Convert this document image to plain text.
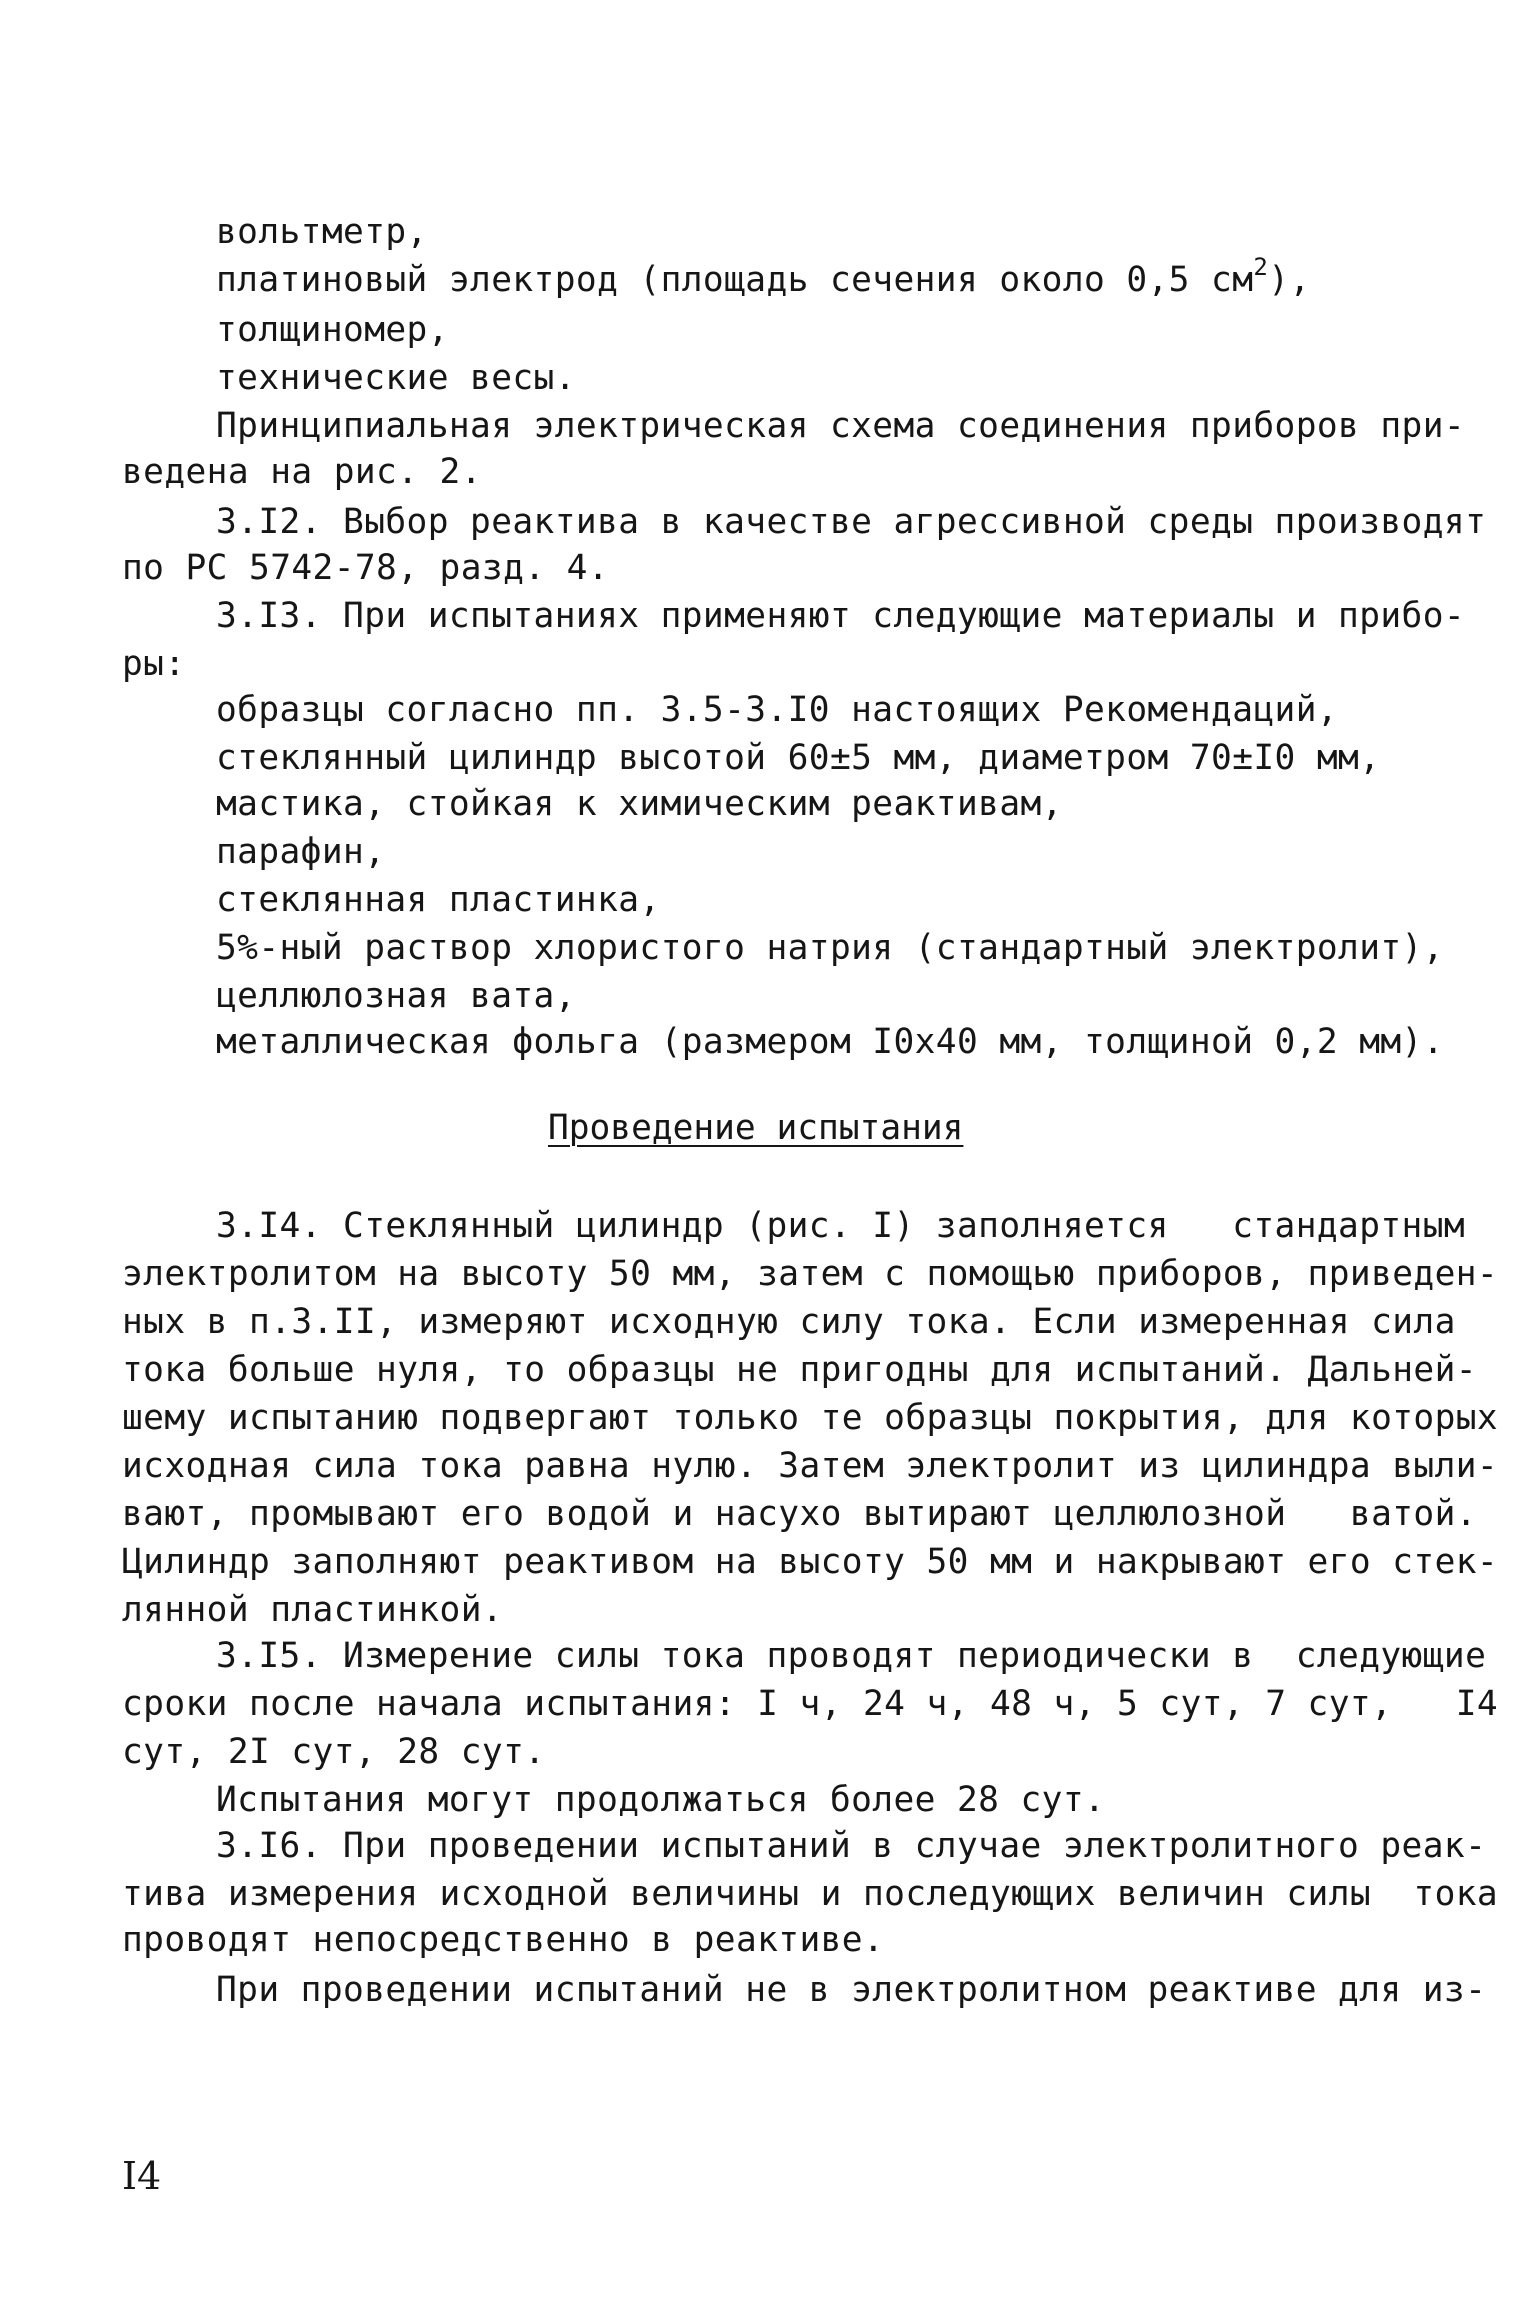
вольтметр,
платиновый электрод (площадь сечения около 0,5 $см^2$),
толщиномер,
технические весы.
Принципиальная электрическая схема соединения приборов при-
ведена на рис. 2.
3.I2. Выбор реактива в качестве агрессивной среды производят
по РС 5742-78, разд. 4.
3.I3. При испытаниях применяют следующие материалы и прибо-
ры:
образцы согласно пп. 3.5-3.I0 настоящих Рекомендаций,
стеклянный цилиндр высотой 60±5 мм, диаметром 70±I0 мм,
мастика, стойкая к химическим реактивам,
парафин,
стеклянная пластинка,
5%-ный раствор хлористого натрия (стандартный электролит),
целлюлозная вата,
металлическая фольга (размером I0x40 мм, толщиной 0,2 мм).
Проведение испытания
3.I4. Стеклянный цилиндр (рис. I) заполняется   стандартным
электролитом на высоту 50 мм, затем с помощью приборов, приведен-
ных в п.3.II, измеряют исходную силу тока. Если измеренная сила
тока больше нуля, то образцы не пригодны для испытаний. Дальней-
шему испытанию подвергают только те образцы покрытия, для которых
исходная сила тока равна нулю. Затем электролит из цилиндра выли-
вают, промывают его водой и насухо вытирают целлюлозной   ватой.
Цилиндр заполняют реактивом на высоту 50 мм и накрывают его стек-
лянной пластинкой.
3.I5. Измерение силы тока проводят периодически в  следующие
сроки после начала испытания: I ч, 24 ч, 48 ч, 5 сут, 7 сут,   I4
сут, 2I сут, 28 сут.
Испытания могут продолжаться более 28 сут.
3.I6. При проведении испытаний в случае электролитного реак-
тива измерения исходной величины и последующих величин силы  тока
проводят непосредственно в реактиве.
При проведении испытаний не в электролитном реактиве для из-
I4
